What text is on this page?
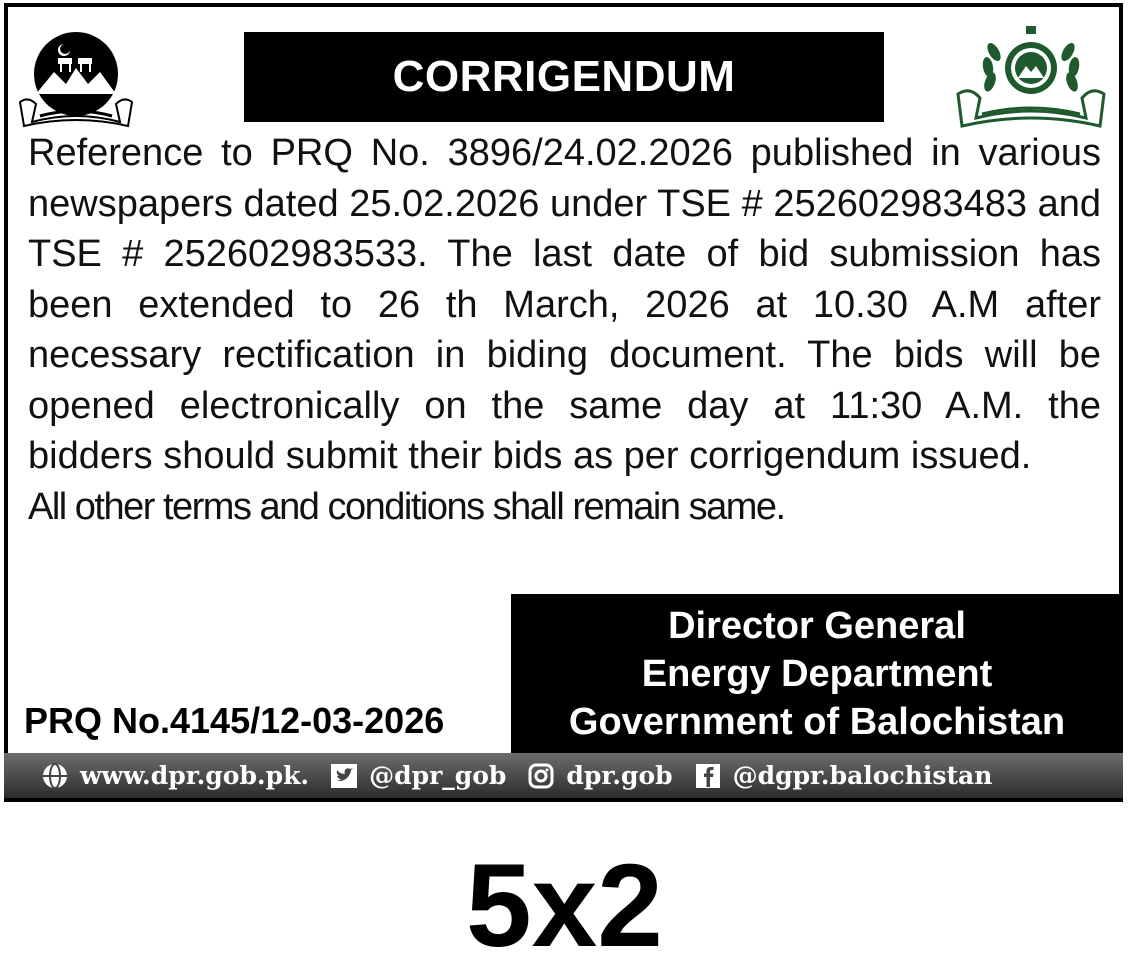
CORRIGENDUM

Reference to PRQ No. 3896/24.02.2026 published in various newspapers dated 25.02.2026 under TSE # 252602983483 and TSE # 252602983533. The last date of bid submission has been extended to 26 th March, 2026 at 10.30 A.M after necessary rectification in biding document. The bids will be opened electronically on the same day at 11:30 A.M. the bidders should submit their bids as per corrigendum issued.

All other terms and conditions shall remain same.
Director General
Energy Department
Government of Balochistan
PRQ No.4145/12-03-2026
www.dpr.gob.pk. @dpr_gob dpr.gob @dgpr.balochistan
5x2
